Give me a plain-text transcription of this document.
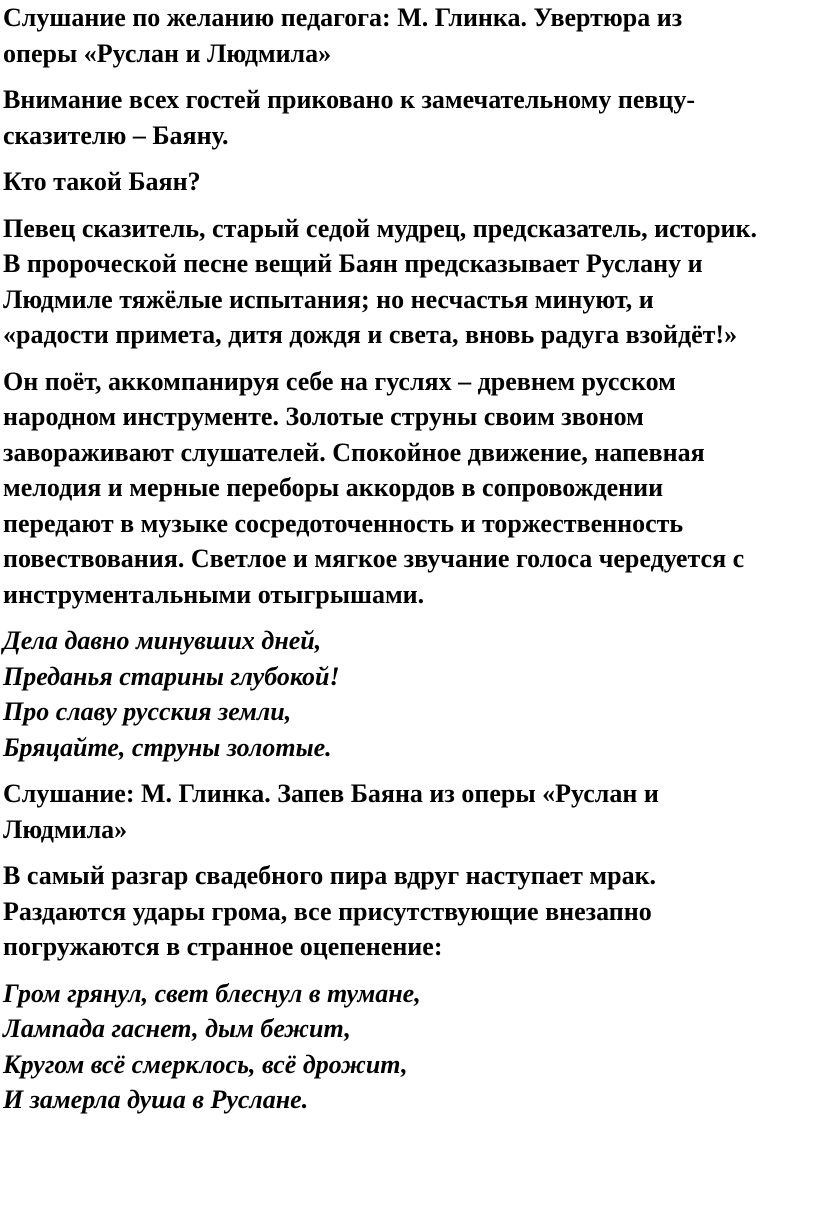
Слушание по желанию педагога: М. Глинка. Увертюра из
оперы «Руслан и Людмила»
Внимание всех гостей приковано к замечательному певцу-
сказителю – Баяну.
Кто такой Баян?
Певец сказитель, старый седой мудрец, предсказатель, историк.
В пророческой песне вещий Баян предсказывает Руслану и
Людмиле тяжёлые испытания; но несчастья минуют, и
«радости примета, дитя дождя и света, вновь радуга взойдёт!»
Он поёт, аккомпанируя себе на гуслях – древнем русском
народном инструменте. Золотые струны своим звоном
завораживают слушателей. Спокойное движение, напевная
мелодия и мерные переборы аккордов в сопровождении
передают в музыке сосредоточенность и торжественность
повествования. Светлое и мягкое звучание голоса чередуется с
инструментальными отыгрышами.
Дела давно минувших дней,
Преданья старины глубокой!
Про славу русския земли,
Бряцайте, струны золотые.
Слушание: М. Глинка. Запев Баяна из оперы «Руслан и
Людмила»
В самый разгар свадебного пира вдруг наступает мрак.
Раздаются удары грома, все присутствующие внезапно
погружаются в странное оцепенение:
Гром грянул, свет блеснул в тумане,
Лампада гаснет, дым бежит,
Кругом всё смерклось, всё дрожит,
И замерла душа в Руслане.
